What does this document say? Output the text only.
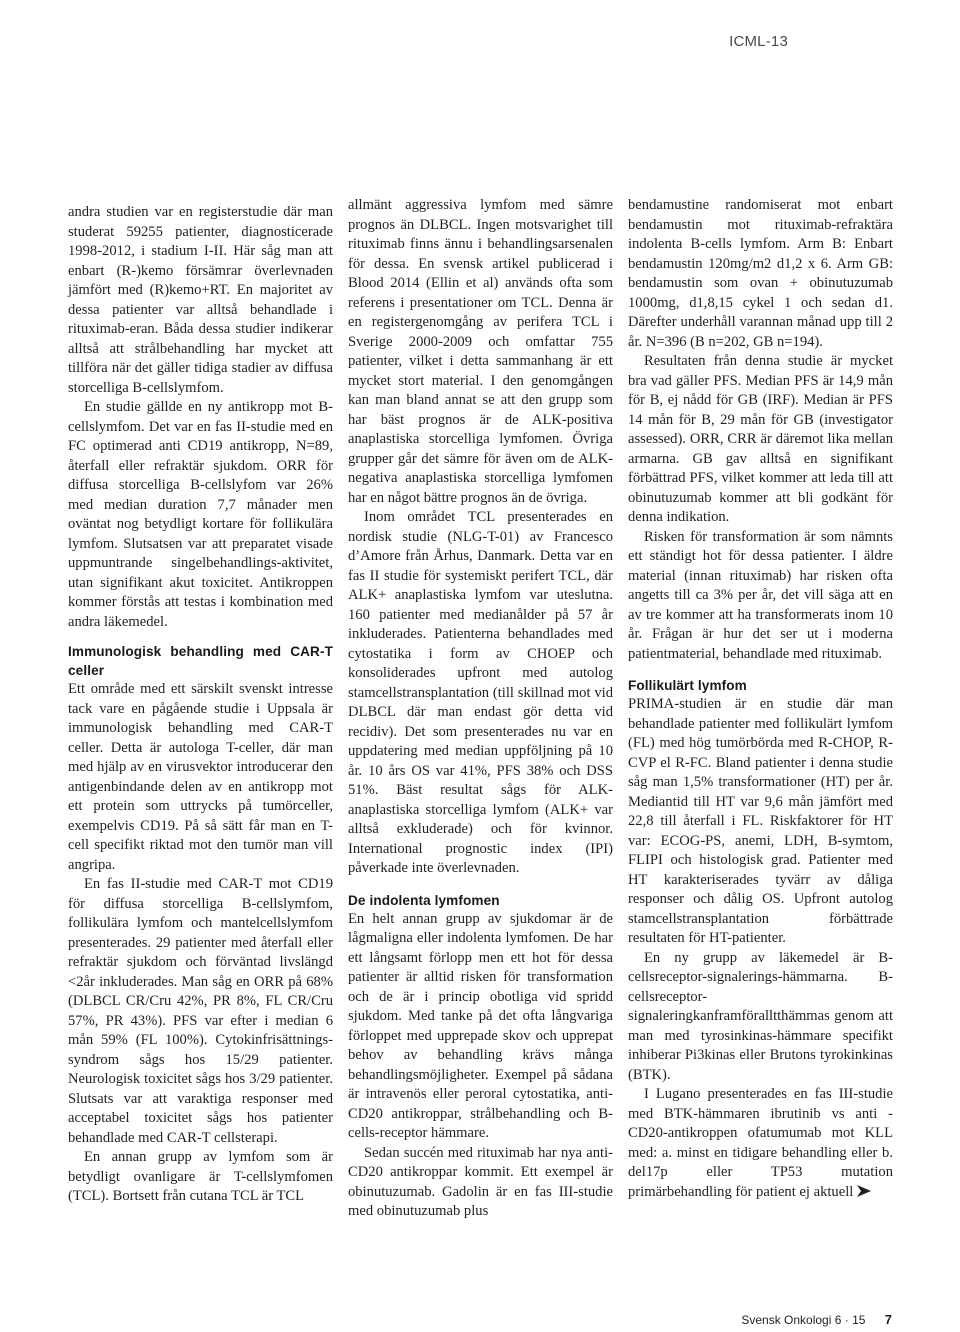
ICML-13

andra studien var en registerstudie där man studerat 59255 patienter, diagnosticerade 1998-2012, i stadium I-II. Här såg man att enbart (R-)kemo försämrar överlevnaden jämfört med (R)kemo+RT. En majoritet av dessa patienter var alltså behandlade i rituximab-eran. Båda dessa studier indikerar alltså att strålbehandling har mycket att tillföra när det gäller tidiga stadier av diffusa storcelliga B-cellslymfom.

En studie gällde en ny antikropp mot B-cellslymfom. Det var en fas II-studie med en FC optimerad anti CD19 antikropp, N=89, återfall eller refraktär sjukdom. ORR för diffusa storcelliga B-cellslyfom var 26% med median duration 7,7 månader men oväntat nog betydligt kortare för follikulära lymfom. Slutsatsen var att preparatet visade uppmuntrande singelbehandlings-aktivitet, utan signifikant akut toxicitet. Antikroppen kommer förstås att testas i kombination med andra läkemedel.

Immunologisk behandling med CAR-T celler

Ett område med ett särskilt svenskt intresse tack vare en pågående studie i Uppsala är immunologisk behandling med CAR-T celler. Detta är autologa T-celler, där man med hjälp av en virusvektor introducerar den antigenbindande delen av en antikropp mot ett protein som uttrycks på tumörceller, exempelvis CD19. På så sätt får man en T-cell specifikt riktad mot den tumör man vill angripa.

En fas II-studie med CAR-T mot CD19 för diffusa storcelliga B-cellslymfom, follikulära lymfom och mantelcellslymfom presenterades. 29 patienter med återfall eller refraktär sjukdom och förväntad livslängd <2år inkluderades. Man såg en ORR på 68% (DLBCL CR/Cru 42%, PR 8%, FL CR/Cru 57%, PR 43%). PFS var efter i median 6 mån 59% (FL 100%). Cytokinfrisättnings-syndrom sågs hos 15/29 patienter. Neurologisk toxicitet sågs hos 3/29 patienter. Slutsats var att varaktiga responser med acceptabel toxicitet sågs hos patienter behandlade med CAR-T cellsterapi.

En annan grupp av lymfom som är betydligt ovanligare är T-cellslymfomen (TCL). Bortsett från cutana TCL är TCL

allmänt aggressiva lymfom med sämre prognos än DLBCL. Ingen motsvarighet till rituximab finns ännu i behandlingsarsenalen för dessa. En svensk artikel publicerad i Blood 2014 (Ellin et al) används ofta som referens i presentationer om TCL. Denna är en registergenomgång av perifera TCL i Sverige 2000-2009 och omfattar 755 patienter, vilket i detta sammanhang är ett mycket stort material. I den genomgången kan man bland annat se att den grupp som har bäst prognos är de ALK-positiva anaplastiska storcelliga lymfomen. Övriga grupper går det sämre för även om de ALK-negativa anaplastiska storcelliga lymfomen har en något bättre prognos än de övriga.

Inom området TCL presenterades en nordisk studie (NLG-T-01) av Francesco d’Amore från Århus, Danmark. Detta var en fas II studie för systemiskt perifert TCL, där ALK+ anaplastiska lymfom var uteslutna. 160 patienter med medianålder på 57 år inkluderades. Patienterna behandlades med cytostatika i form av CHOEP och konsoliderades upfront med autolog stamcellstransplantation (till skillnad mot vid DLBCL där man endast gör detta vid recidiv). Det som presenterades nu var en uppdatering med median uppföljning på 10 år. 10 års OS var 41%, PFS 38% och DSS 51%. Bäst resultat sågs för ALK- anaplastiska storcelliga lymfom (ALK+ var alltså exkluderade) och för kvinnor. International prognostic index (IPI) påverkade inte överlevnaden.

De indolenta lymfomen

En helt annan grupp av sjukdomar är de lågmaligna eller indolenta lymfomen. De har ett långsamt förlopp men ett hot för dessa patienter är alltid risken för transformation och de är i princip obotliga vid spridd sjukdom. Med tanke på det ofta långvariga förloppet med upprepade skov och upprepat behov av behandling krävs många behandlingsmöjligheter. Exempel på sådana är intravenös eller peroral cytostatika, anti-CD20 antikroppar, strålbehandling och B-cells-receptor hämmare.

Sedan succén med rituximab har nya anti-CD20 antikroppar kommit. Ett exempel är obinutuzumab. Gadolin är en fas III-studie med obinutuzumab plus

bendamustine randomiserat mot enbart bendamustin mot rituximab-refraktära indolenta B-cells lymfom. Arm B: Enbart bendamustin 120mg/m2 d1,2 x 6. Arm GB: bendamustin som ovan + obinutuzumab 1000mg, d1,8,15 cykel 1 och sedan d1. Därefter underhåll varannan månad upp till 2 år. N=396 (B n=202, GB n=194).

Resultaten från denna studie är mycket bra vad gäller PFS. Median PFS är 14,9 mån för B, ej nådd för GB (IRF). Median är PFS 14 mån för B, 29 mån för GB (investigator assessed). ORR, CRR är däremot lika mellan armarna. GB gav alltså en signifikant förbättrad PFS, vilket kommer att leda till att obinutuzumab kommer att bli godkänt för denna indikation.

Risken för transformation är som nämnts ett ständigt hot för dessa patienter. I äldre material (innan rituximab) har risken ofta angetts till ca 3% per år, det vill säga att en av tre kommer att ha transformerats inom 10 år. Frågan är hur det ser ut i moderna patientmaterial, behandlade med rituximab.

Follikulärt lymfom

PRIMA-studien är en studie där man behandlade patienter med follikulärt lymfom (FL) med hög tumörbörda med R-CHOP, R-CVP el R-FC. Bland patienter i denna studie såg man 1,5% transformationer (HT) per år. Mediantid till HT var 9,6 mån jämfört med 22,8 till återfall i FL. Riskfaktorer för HT var: ECOG-PS, anemi, LDH, B-symtom, FLIPI och histologisk grad. Patienter med HT karakteriserades tyvärr av dåliga responser och dålig OS. Upfront autolog stamcellstransplantation förbättrade resultaten för HT-patienter.

En ny grupp av läkemedel är B-cellsreceptor-signalerings-hämmarna. B-cellsreceptor-signaleringkanframföralltthämmas genom att man med tyrosinkinas-hämmare specifikt inhiberar Pi3kinas eller Brutons tyrokinkinas (BTK).

I Lugano presenterades en fas III-studie med BTK-hämmaren ibrutinib vs anti -CD20-antikroppen ofatumumab mot KLL med: a. minst en tidigare behandling eller b. del17p eller TP53 mutation primärbehandling för patient ej aktuell

Svensk Onkologi 6 · 15 7
